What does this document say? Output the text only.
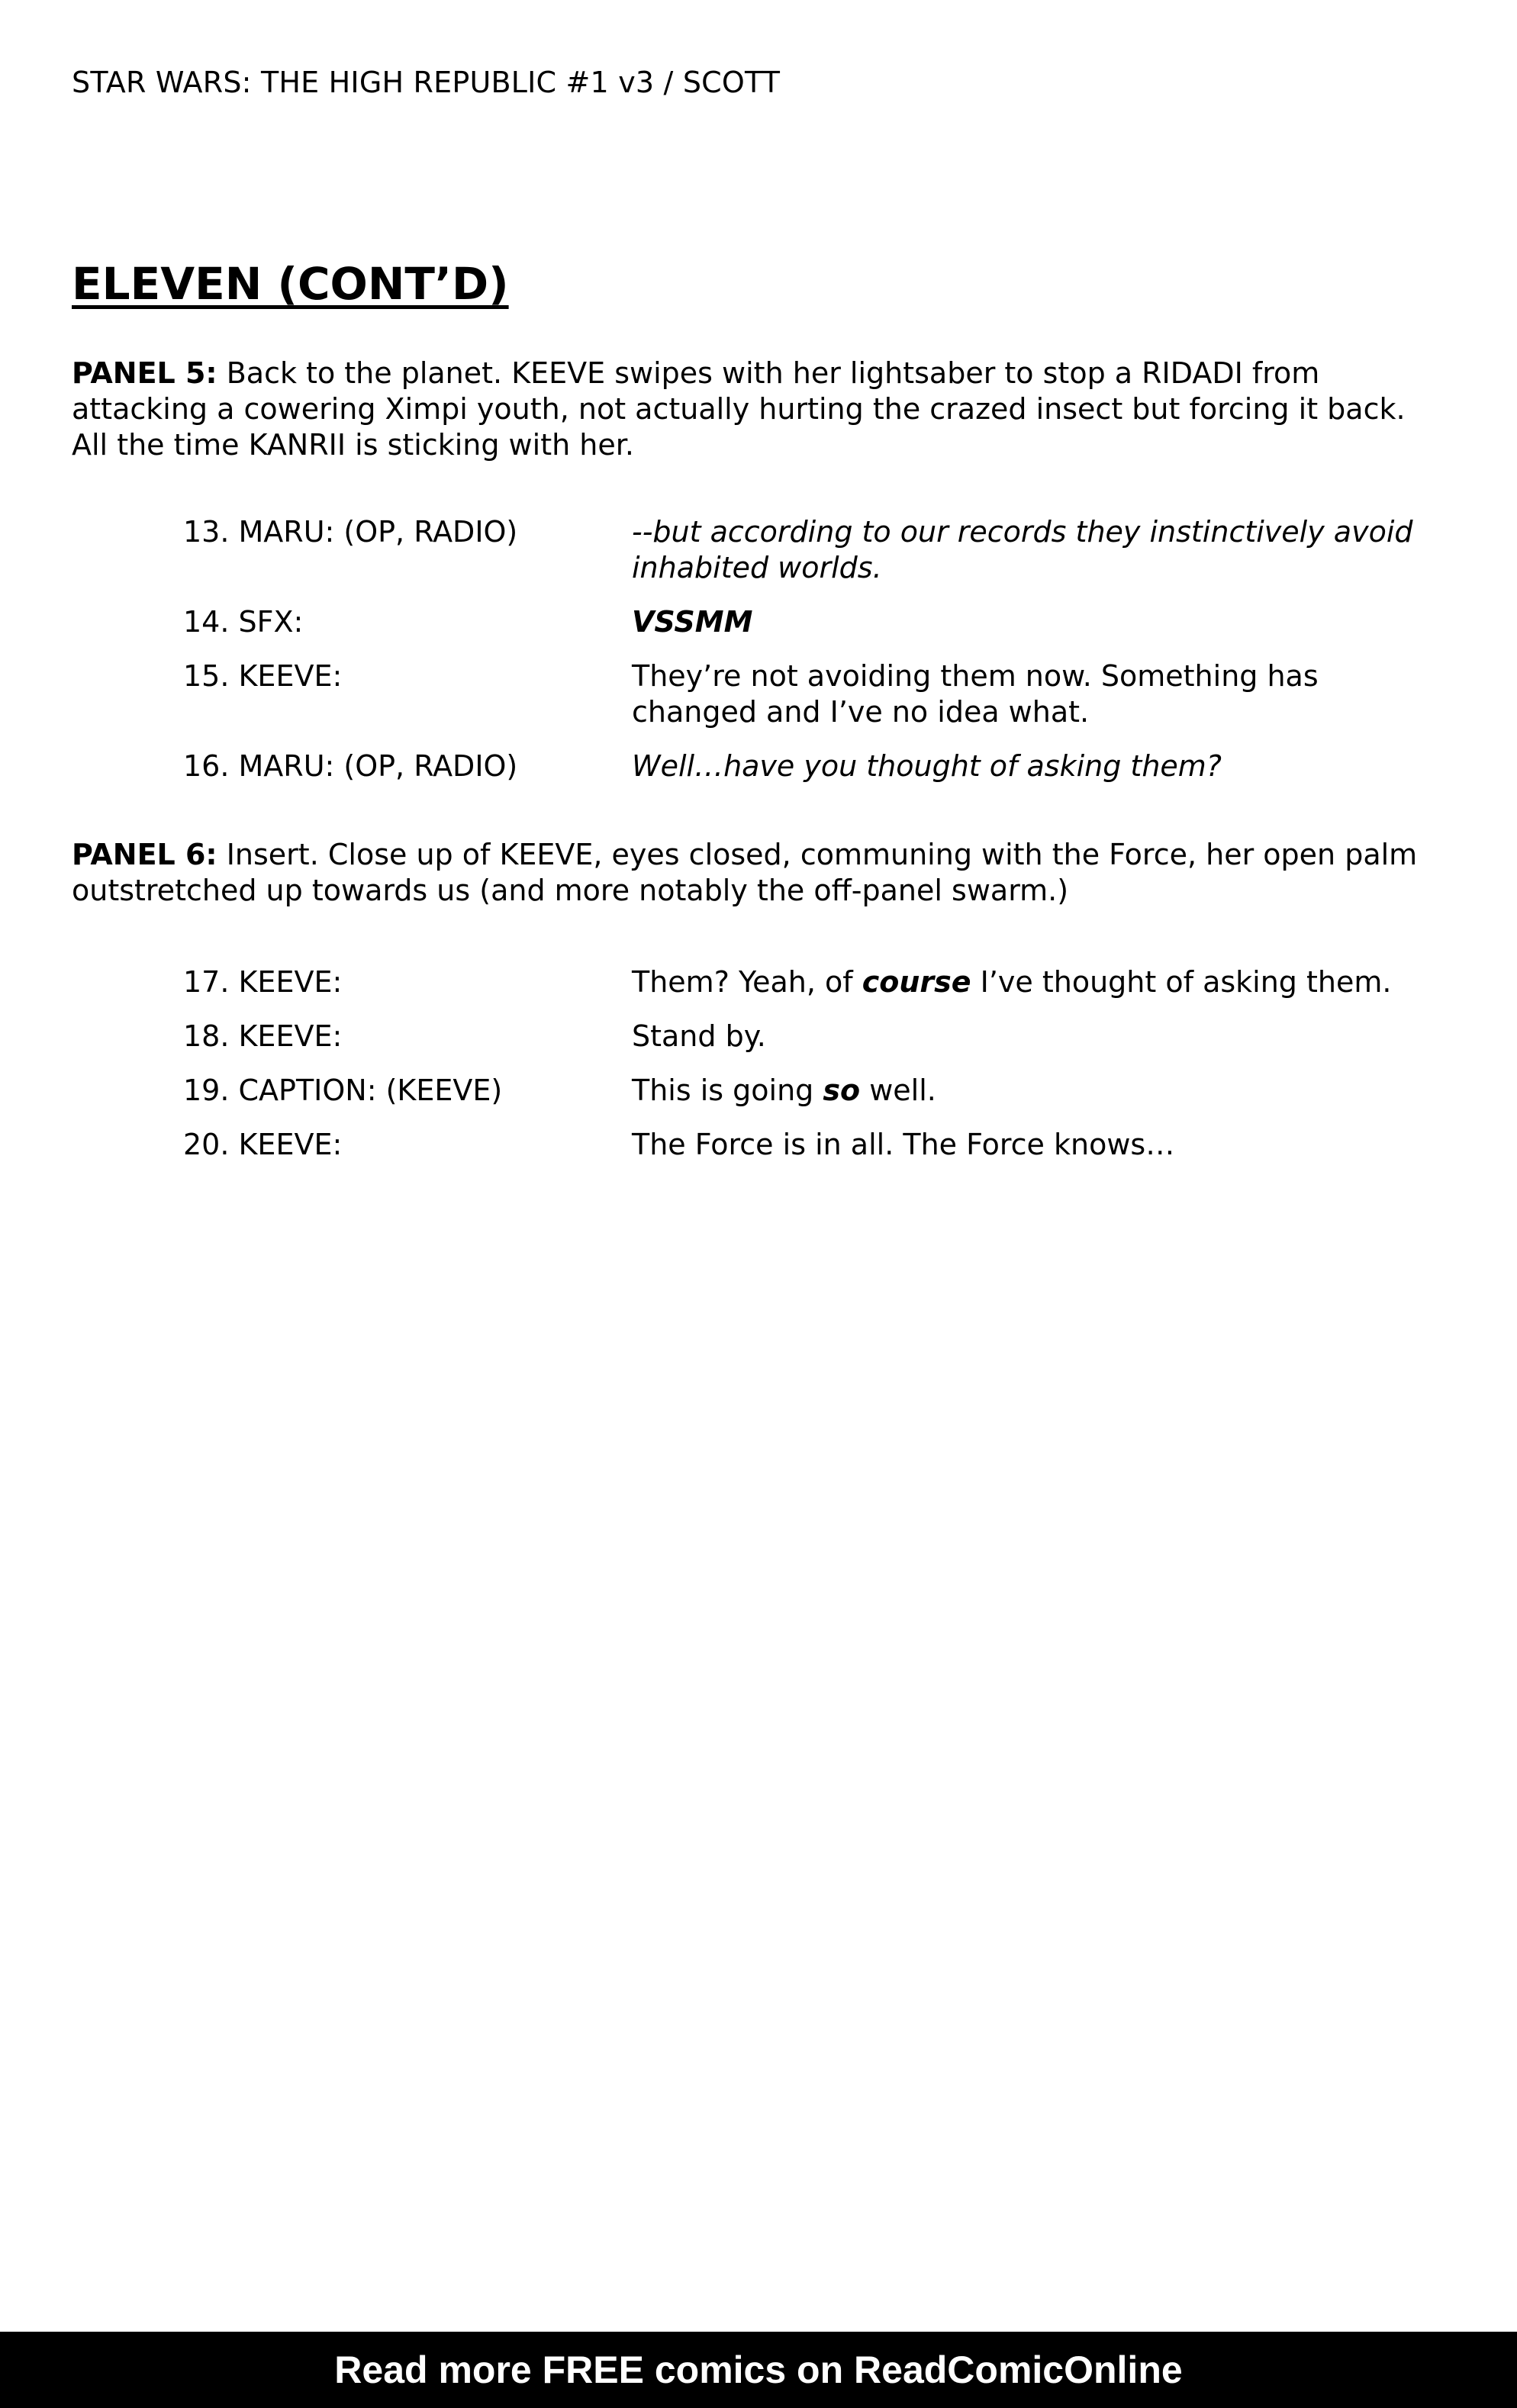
STAR WARS: THE HIGH REPUBLIC #1 v3 / SCOTT
ELEVEN (CONT’D)
PANEL 5: Back to the planet. KEEVE swipes with her lightsaber to stop a RIDADI from attacking a cowering Ximpi youth, not actually hurting the crazed insect but forcing it back. All the time KANRII is sticking with her.
13. MARU: (OP, RADIO)	--but according to our records they instinctively avoid inhabited worlds.
14. SFX:	VSSMM
15. KEEVE:	They’re not avoiding them now. Something has changed and I’ve no idea what.
16. MARU: (OP, RADIO)	Well…have you thought of asking them?
PANEL 6: Insert. Close up of KEEVE, eyes closed, communing with the Force, her open palm outstretched up towards us (and more notably the off-panel swarm.)
17. KEEVE:	Them? Yeah, of course I’ve thought of asking them.
18. KEEVE:	Stand by.
19. CAPTION: (KEEVE)	This is going so well.
20. KEEVE:	The Force is in all. The Force knows…
Read more FREE comics on ReadComicOnline
